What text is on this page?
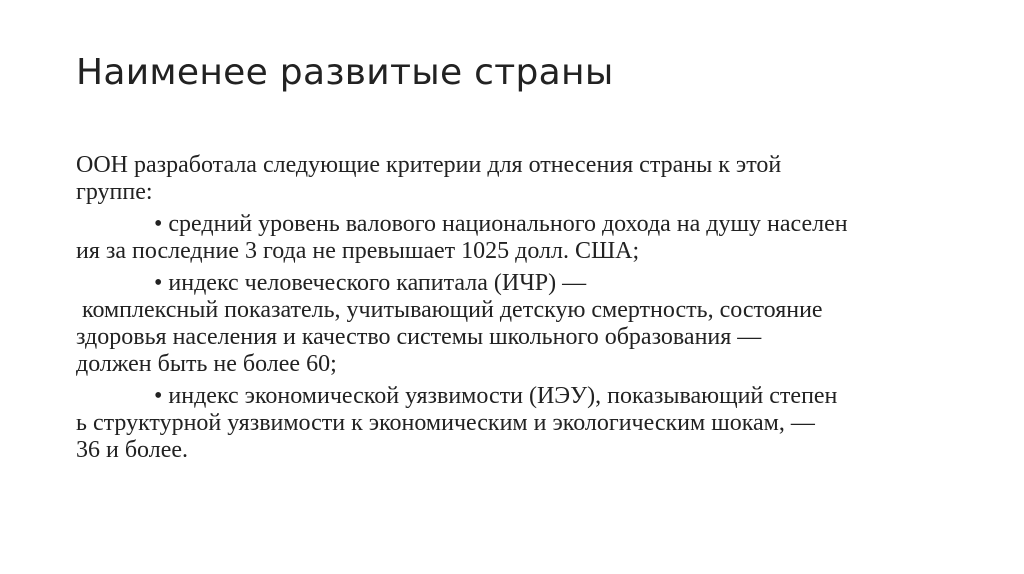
Наименее развитые страны

ООН разработала следующие критерии для отнесения страны к этой
группе:

• средний уровень валового национального дохода на душу населен
ия за последние 3 года не превышает 1025 долл. США;
• индекс человеческого капитала (ИЧР) —
комплексный показатель, учитывающий детскую смертность, состояние
здоровья населения и качество системы школьного образования —
должен быть не более 60;
• индекс экономической уязвимости (ИЭУ), показывающий степен
ь структурной уязвимости к экономическим и экологическим шокам, —
36 и более.
